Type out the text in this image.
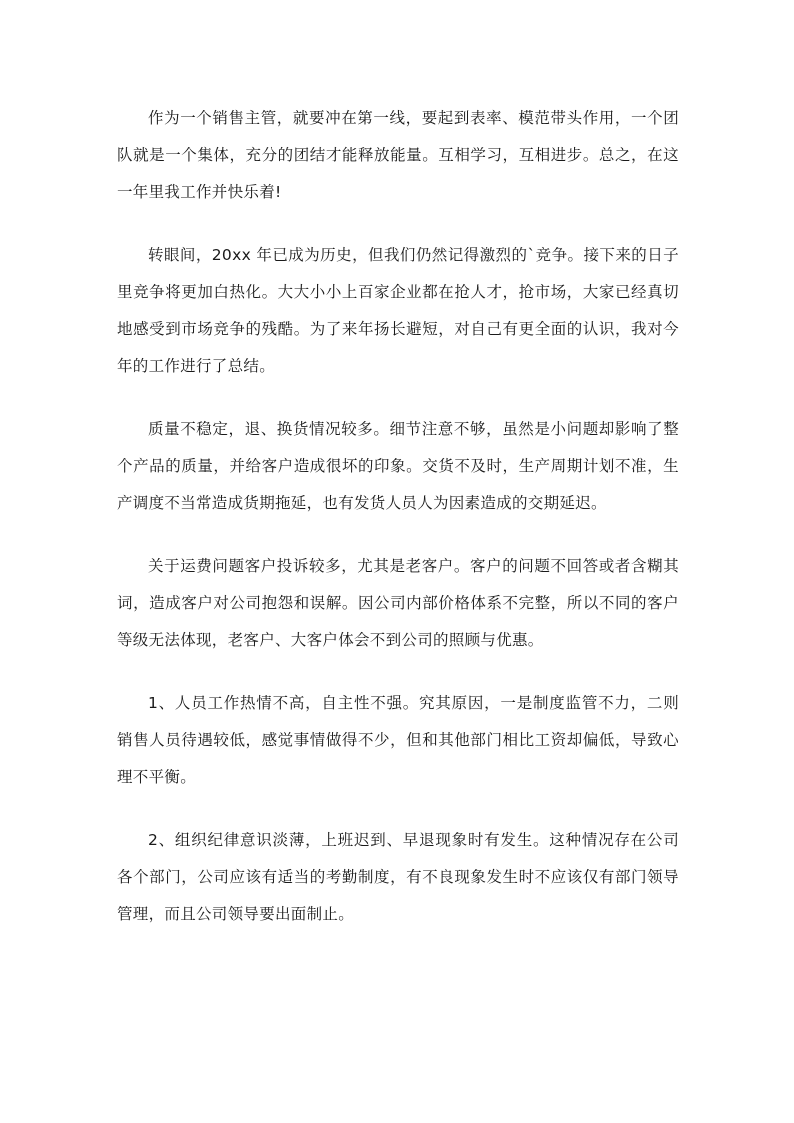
作为一个销售主管，就要冲在第一线，要起到表率、模范带头作用，一个团队就是一个集体，充分的团结才能释放能量。互相学习，互相进步。总之，在这一年里我工作并快乐着!

转眼间，20xx 年已成为历史，但我们仍然记得激烈的`竞争。接下来的日子里竞争将更加白热化。大大小小上百家企业都在抢人才，抢市场，大家已经真切地感受到市场竞争的残酷。为了来年扬长避短，对自己有更全面的认识，我对今年的工作进行了总结。

质量不稳定，退、换货情况较多。细节注意不够，虽然是小问题却影响了整个产品的质量，并给客户造成很坏的印象。交货不及时，生产周期计划不准，生产调度不当常造成货期拖延，也有发货人员人为因素造成的交期延迟。

关于运费问题客户投诉较多，尤其是老客户。客户的问题不回答或者含糊其词，造成客户对公司抱怨和误解。因公司内部价格体系不完整，所以不同的客户等级无法体现，老客户、大客户体会不到公司的照顾与优惠。

1、人员工作热情不高，自主性不强。究其原因，一是制度监管不力，二则销售人员待遇较低，感觉事情做得不少，但和其他部门相比工资却偏低，导致心理不平衡。

2、组织纪律意识淡薄，上班迟到、早退现象时有发生。这种情况存在公司各个部门，公司应该有适当的考勤制度，有不良现象发生时不应该仅有部门领导管理，而且公司领导要出面制止。
